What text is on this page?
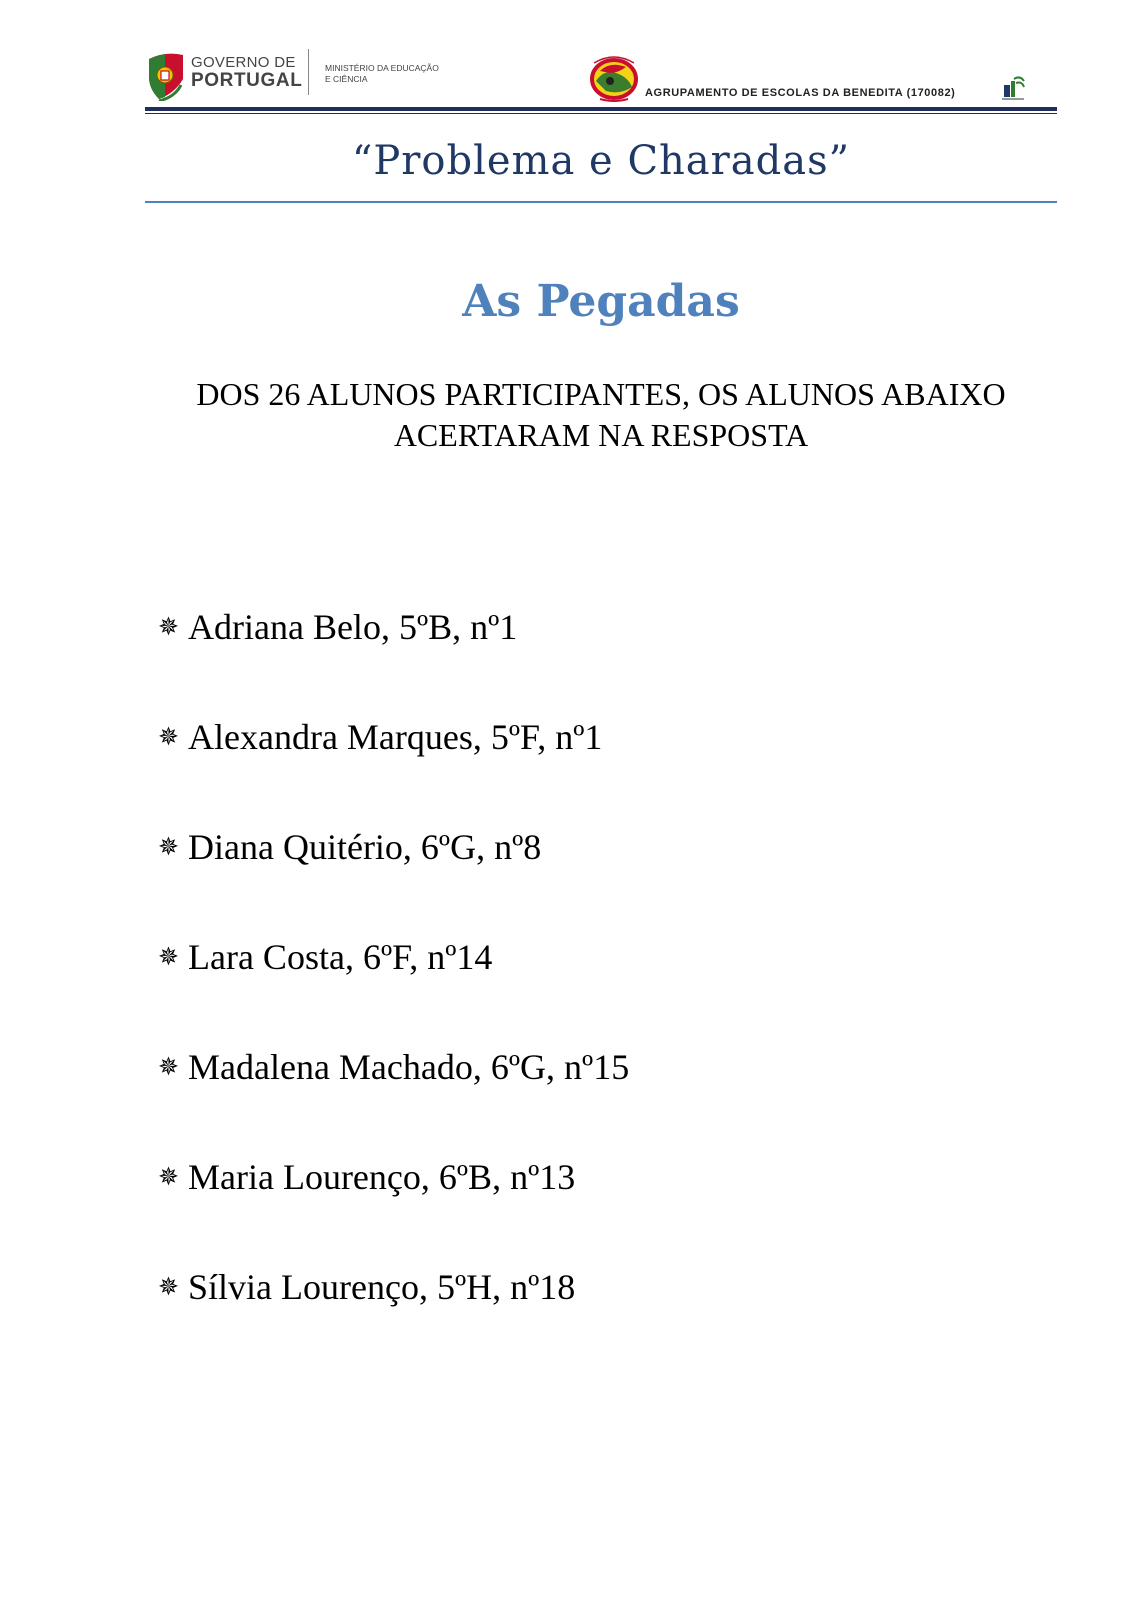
GOVERNO DE
PORTUGAL
MINISTÉRIO DA EDUCAÇÃO
E CIÊNCIA
AGRUPAMENTO DE ESCOLAS DA BENEDITA (170082)
“Problema e Charadas”
As Pegadas
DOS 26 ALUNOS PARTICIPANTES, OS ALUNOS ABAIXO
ACERTARAM NA RESPOSTA
✵ Adriana Belo, 5ºB, nº1
✵ Alexandra Marques, 5ºF, nº1
✵ Diana Quitério, 6ºG, nº8
✵ Lara Costa, 6ºF, nº14
✵ Madalena Machado, 6ºG, nº15
✵ Maria Lourenço, 6ºB, nº13
✵ Sílvia Lourenço, 5ºH, nº18
